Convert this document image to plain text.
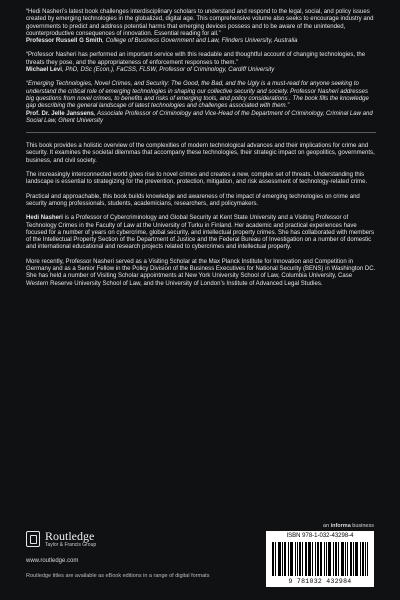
“Hedi Nasheri’s latest book challenges interdisciplinary scholars to understand and respond to the legal, social, and policy issues created by emerging technologies in the globalized, digital age. This comprehensive volume also seeks to encourage industry and governments to predict and address potential harms that emerging devices possess and to be aware of the unintended, counterproductive consequences of innovation. Essential reading for all.”

Professor Russell G Smith, College of Business Government and Law, Flinders University, Australia

“Professor Nasheri has performed an important service with this readable and thoughtful account of changing technologies, the threats they pose, and the appropriateness of enforcement responses to them.”

Michael Levi, PhD, DSc (Econ.), FaCSS, FLSW, Professor of Criminology, Cardiff University

“Emerging Technologies, Novel Crimes, and Security: The Good, the Bad, and the Ugly is a must-read for anyone seeking to understand the critical role of emerging technologies in shaping our collective security and society. Professor Nasheri addresses big questions from novel crimes, to benefits and risks of emerging tools, and policy considerations . The book fills the knowledge gap describing the general landscape of latest technologies and challenges associated with them.”

Prof. Dr. Jelle Janssens, Associate Professor of Criminology and Vice-Head of the Department of Criminology, Criminal Law and Social Law, Ghent University

This book provides a holistic overview of the complexities of modern technological advances and their implications for crime and security. It examines the societal dilemmas that accompany these technologies, their strategic impact on geopolitics, governments, business, and civil society.

The increasingly interconnected world gives rise to novel crimes and creates a new, complex set of threats. Understanding this landscape is essential to strategizing for the prevention, protection, mitigation, and risk assessment of technology-related crime.

Practical and approachable, this book builds knowledge and awareness of the impact of emerging technologies on crime and security among professionals, students, academicians, researchers, and policymakers.

Hedi Nasheri is a Professor of Cybercriminology and Global Security at Kent State University and a Visiting Professor of Technology Crimes in the Faculty of Law at the University of Turku in Finland. Her academic and practical experiences have focused for a number of years on cybercrime, global security, and intellectual property crimes. She has collaborated with members of the Intellectual Property Section of the Department of Justice and the Federal Bureau of Investigation on a number of domestic and international educational and research projects related to cybercrimes and intellectual property.

More recently, Professor Nasheri served as a Visiting Scholar at the Max Planck Institute for Innovation and Competition in Germany and as a Senior Fellow in the Policy Division of the Business Executives for National Security (BENS) in Washington DC. She has held a number of Visiting Scholar appointments at New York University School of Law, Columbia University, Case Western Reserve University School of Law, and the University of London’s Institute of Advanced Legal Studies.

Routledge
Taylor & Francis Group
www.routledge.com
Routledge titles are available as eBook editions in a range of digital formats
an informa business
ISBN 978-1-032-43298-4
9 781032 432984
